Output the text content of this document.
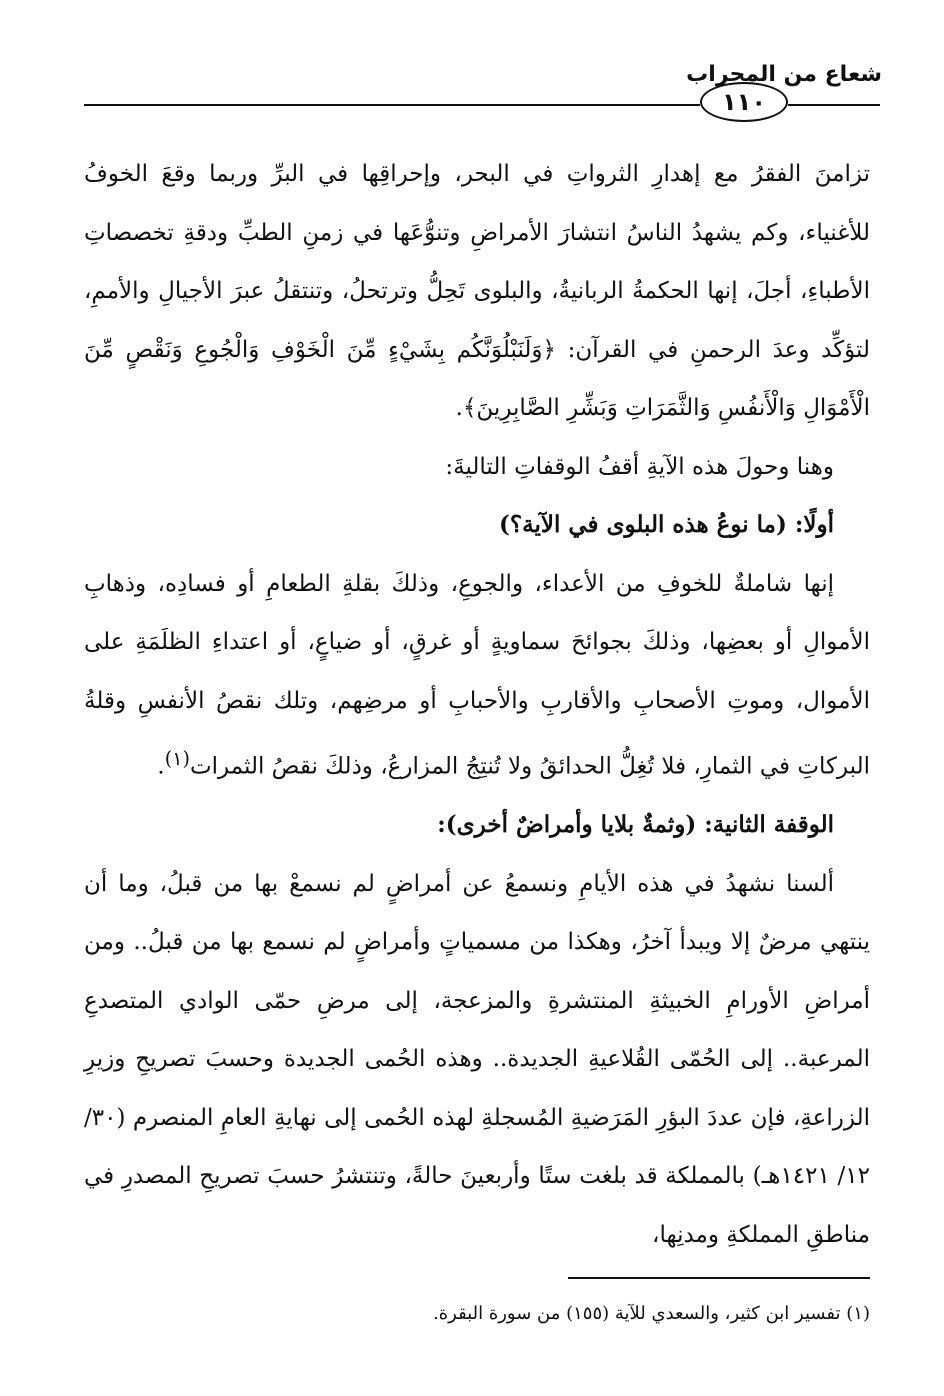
شعاع من المحراب
١١٠

تزامنَ الفقرُ مع إهدارِ الثرواتِ في البحر، وإحراقِها في البرِّ وربما وقعَ الخوفُ للأغنياء، وكم يشهدُ الناسُ انتشارَ الأمراضِ وتنوُّعَها في زمنِ الطبِّ ودقةِ تخصصاتِ الأطباءِ، أجلَ، إنها الحكمةُ الربانيةُ، والبلوى تَحِلُّ وترتحلُ، وتنتقلُ عبرَ الأجيالِ والأممِ، لتؤكِّد وعدَ الرحمنِ في القرآن: ﴿وَلَنَبْلُوَنَّكُم بِشَيْءٍ مِّنَ الْخَوْفِ وَالْجُوعِ وَنَقْصٍ مِّنَ الْأَمْوَالِ وَالْأَنفُسِ وَالثَّمَرَاتِ وَبَشِّرِ الصَّابِرِينَ﴾.

وهنا وحولَ هذه الآيةِ أقفُ الوقفاتِ التاليةَ:

أولًا: (ما نوعُ هذه البلوى في الآية؟)

إنها شاملةٌ للخوفِ من الأعداء، والجوعِ، وذلكَ بقلةِ الطعامِ أو فسادِه، وذهابِ الأموالِ أو بعضِها، وذلكَ بجوائحَ سماويةٍ أو غرقٍ، أو ضياعٍ، أو اعتداءِ الظلَمَةِ على الأموال، وموتِ الأصحابِ والأقاربِ والأحبابِ أو مرضِهم، وتلك نقصُ الأنفسِ وقلةُ البركاتِ في الثمارِ، فلا تُغِلُّ الحدائقُ ولا تُنتِجُ المزارعُ، وذلكَ نقصُ الثمرات$^{(١)}$.

الوقفة الثانية: (وثمةٌ بلايا وأمراضٌ أخرى):

ألسنا نشهدُ في هذه الأيامِ ونسمعُ عن أمراضٍ لم نسمعْ بها من قبلُ، وما أن ينتهي مرضٌ إلا ويبدأ آخرُ، وهكذا من مسمياتٍ وأمراضٍ لم نسمع بها من قبلُ.. ومن أمراضِ الأورامِ الخبيثةِ المنتشرةِ والمزعجة، إلى مرضِ حمّى الوادي المتصدعِ المرعبة.. إلى الحُمّى القُلاعيةِ الجديدة.. وهذه الحُمى الجديدة وحسبَ تصريحِ وزيرِ الزراعةِ، فإن عددَ البؤرِ المَرَضيةِ المُسجلةِ لهذه الحُمى إلى نهايةِ العامِ المنصرم (٣٠/ ١٢/ ١٤٢١هـ) بالمملكة قد بلغت ستًا وأربعينَ حالةً، وتنتشرُ حسبَ تصريحِ المصدرِ في مناطقِ المملكةِ ومدنِها،

(١) تفسير ابن كثير، والسعدي للآية (١٥٥) من سورة البقرة.
